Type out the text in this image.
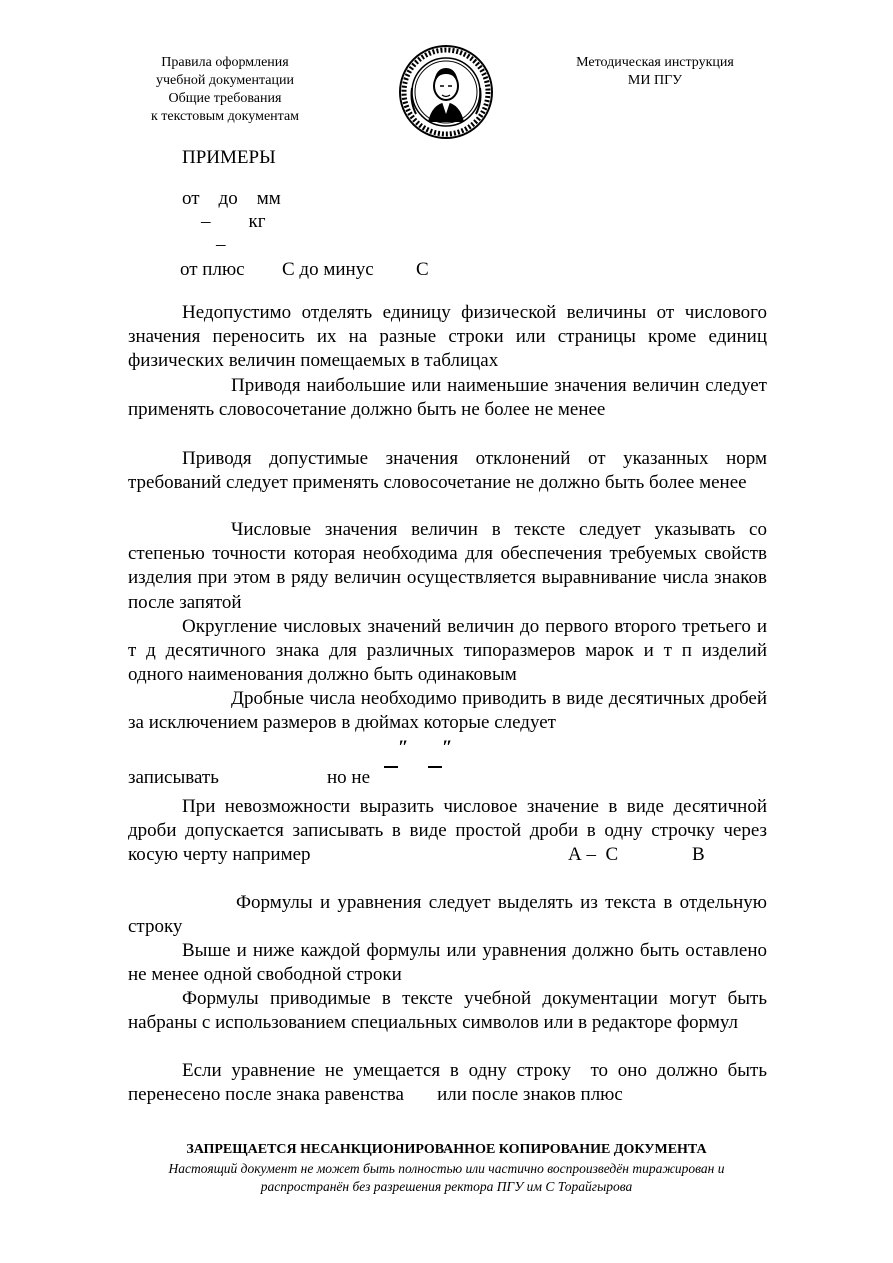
Правила оформления
учебной документации
Общие требования
к текстовым документам
Методическая инструкция
МИ ПГУ
ПРИМЕРЫ
от    до    мм
–        кг
–
от плюс С до минус С
Недопустимо отделять единицу физической величины от числового значения переносить их на разные строки или страницы кроме единиц физических величин помещаемых в таблицах
Приводя наибольшие или наименьшие значения величин следует применять словосочетание должно быть не более не менее
Приводя допустимые значения отклонений от указанных норм требований следует применять словосочетание не должно быть более менее
Числовые значения величин в тексте следует указывать со степенью точности которая необходима для обеспечения требуемых свойств изделия при этом в ряду величин осуществляется выравнивание числа знаков после запятой
Округление числовых значений величин до первого второго третьего и т д десятичного знака для различных типоразмеров марок и т п изделий одного наименования должно быть одинаковым
Дробные числа необходимо приводить в виде десятичных дробей за исключением размеров в дюймах которые следует
″ ″
записывать	но не
При невозможности выразить числовое значение в виде десятичной дроби допускается записывать в виде простой дроби в одну строчку через косую черту например	А –  С	В
Формулы и уравнения следует выделять из текста в отдельную строку
Выше и ниже каждой формулы или уравнения должно быть оставлено не менее одной свободной строки
Формулы приводимые в тексте учебной документации могут быть набраны с использованием специальных символов или в редакторе формул
Если уравнение не умещается в одну строку  то оно должно быть перенесено после знака равенства       или после знаков плюс
ЗАПРЕЩАЕТСЯ НЕСАНКЦИОНИРОВАННОЕ КОПИРОВАНИЕ ДОКУМЕНТА
Настоящий документ не может быть полностью или частично воспроизведён тиражирован и
распространён без разрешения ректора ПГУ им С Торайгырова
